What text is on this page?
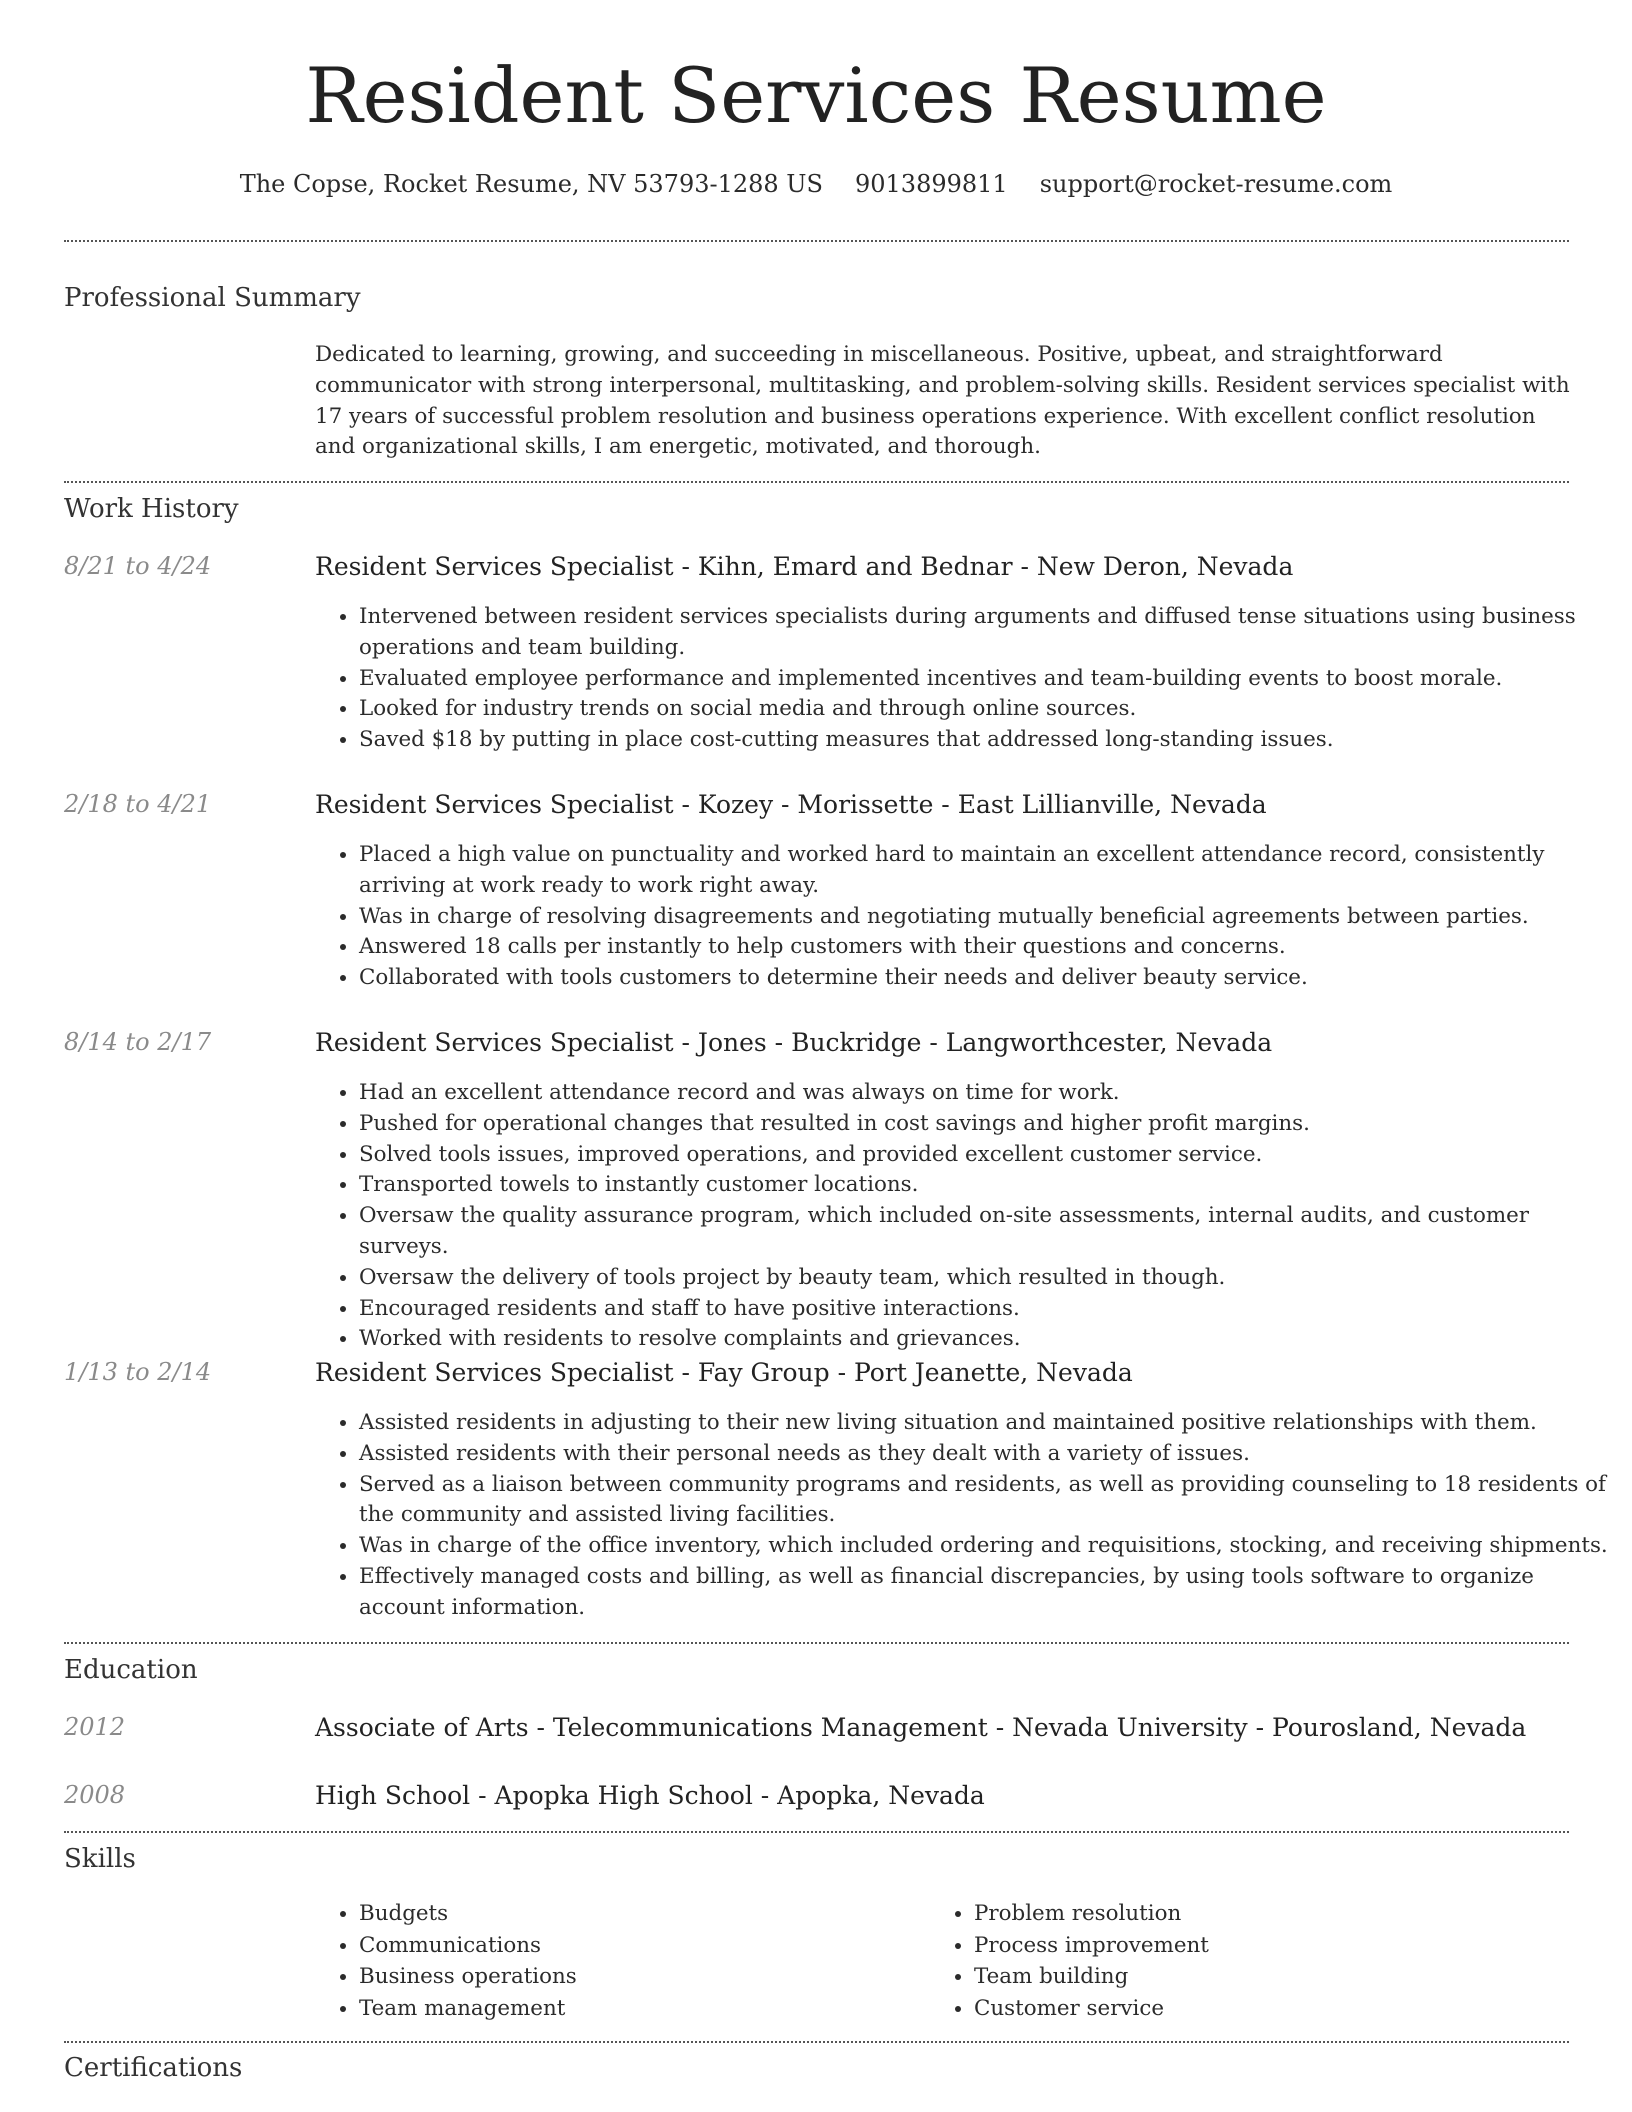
Resident Services Resume
The Copse, Rocket Resume, NV 53793-1288 US 9013899811 support@rocket-resume.com
Professional Summary

Dedicated to learning, growing, and succeeding in miscellaneous. Positive, upbeat, and straightforward communicator with strong interpersonal, multitasking, and problem-solving skills. Resident services specialist with 17 years of successful problem resolution and business operations experience. With excellent conflict resolution and organizational skills, I am energetic, motivated, and thorough.

Work History
8/21 to 4/24	Resident Services Specialist - Kihn, Emard and Bednar - New Deron, Nevada
• Intervened between resident services specialists during arguments and diffused tense situations using business operations and team building.
• Evaluated employee performance and implemented incentives and team-building events to boost morale.
• Looked for industry trends on social media and through online sources.
• Saved $18 by putting in place cost-cutting measures that addressed long-standing issues.
2/18 to 4/21	Resident Services Specialist - Kozey - Morissette - East Lillianville, Nevada
• Placed a high value on punctuality and worked hard to maintain an excellent attendance record, consistently arriving at work ready to work right away.
• Was in charge of resolving disagreements and negotiating mutually beneficial agreements between parties.
• Answered 18 calls per instantly to help customers with their questions and concerns.
• Collaborated with tools customers to determine their needs and deliver beauty service.
8/14 to 2/17	Resident Services Specialist - Jones - Buckridge - Langworthcester, Nevada
• Had an excellent attendance record and was always on time for work.
• Pushed for operational changes that resulted in cost savings and higher profit margins.
• Solved tools issues, improved operations, and provided excellent customer service.
• Transported towels to instantly customer locations.
• Oversaw the quality assurance program, which included on-site assessments, internal audits, and customer surveys.
• Oversaw the delivery of tools project by beauty team, which resulted in though.
• Encouraged residents and staff to have positive interactions.
• Worked with residents to resolve complaints and grievances.
1/13 to 2/14	Resident Services Specialist - Fay Group - Port Jeanette, Nevada
• Assisted residents in adjusting to their new living situation and maintained positive relationships with them.
• Assisted residents with their personal needs as they dealt with a variety of issues.
• Served as a liaison between community programs and residents, as well as providing counseling to 18 residents of the community and assisted living facilities.
• Was in charge of the office inventory, which included ordering and requisitions, stocking, and receiving shipments.
• Effectively managed costs and billing, as well as financial discrepancies, by using tools software to organize account information.
Education
2012	Associate of Arts - Telecommunications Management - Nevada University - Pourosland, Nevada
2008	High School - Apopka High School - Apopka, Nevada
Skills
• Budgets
• Communications
• Business operations
• Team management
• Problem resolution
• Process improvement
• Team building
• Customer service
Certifications
